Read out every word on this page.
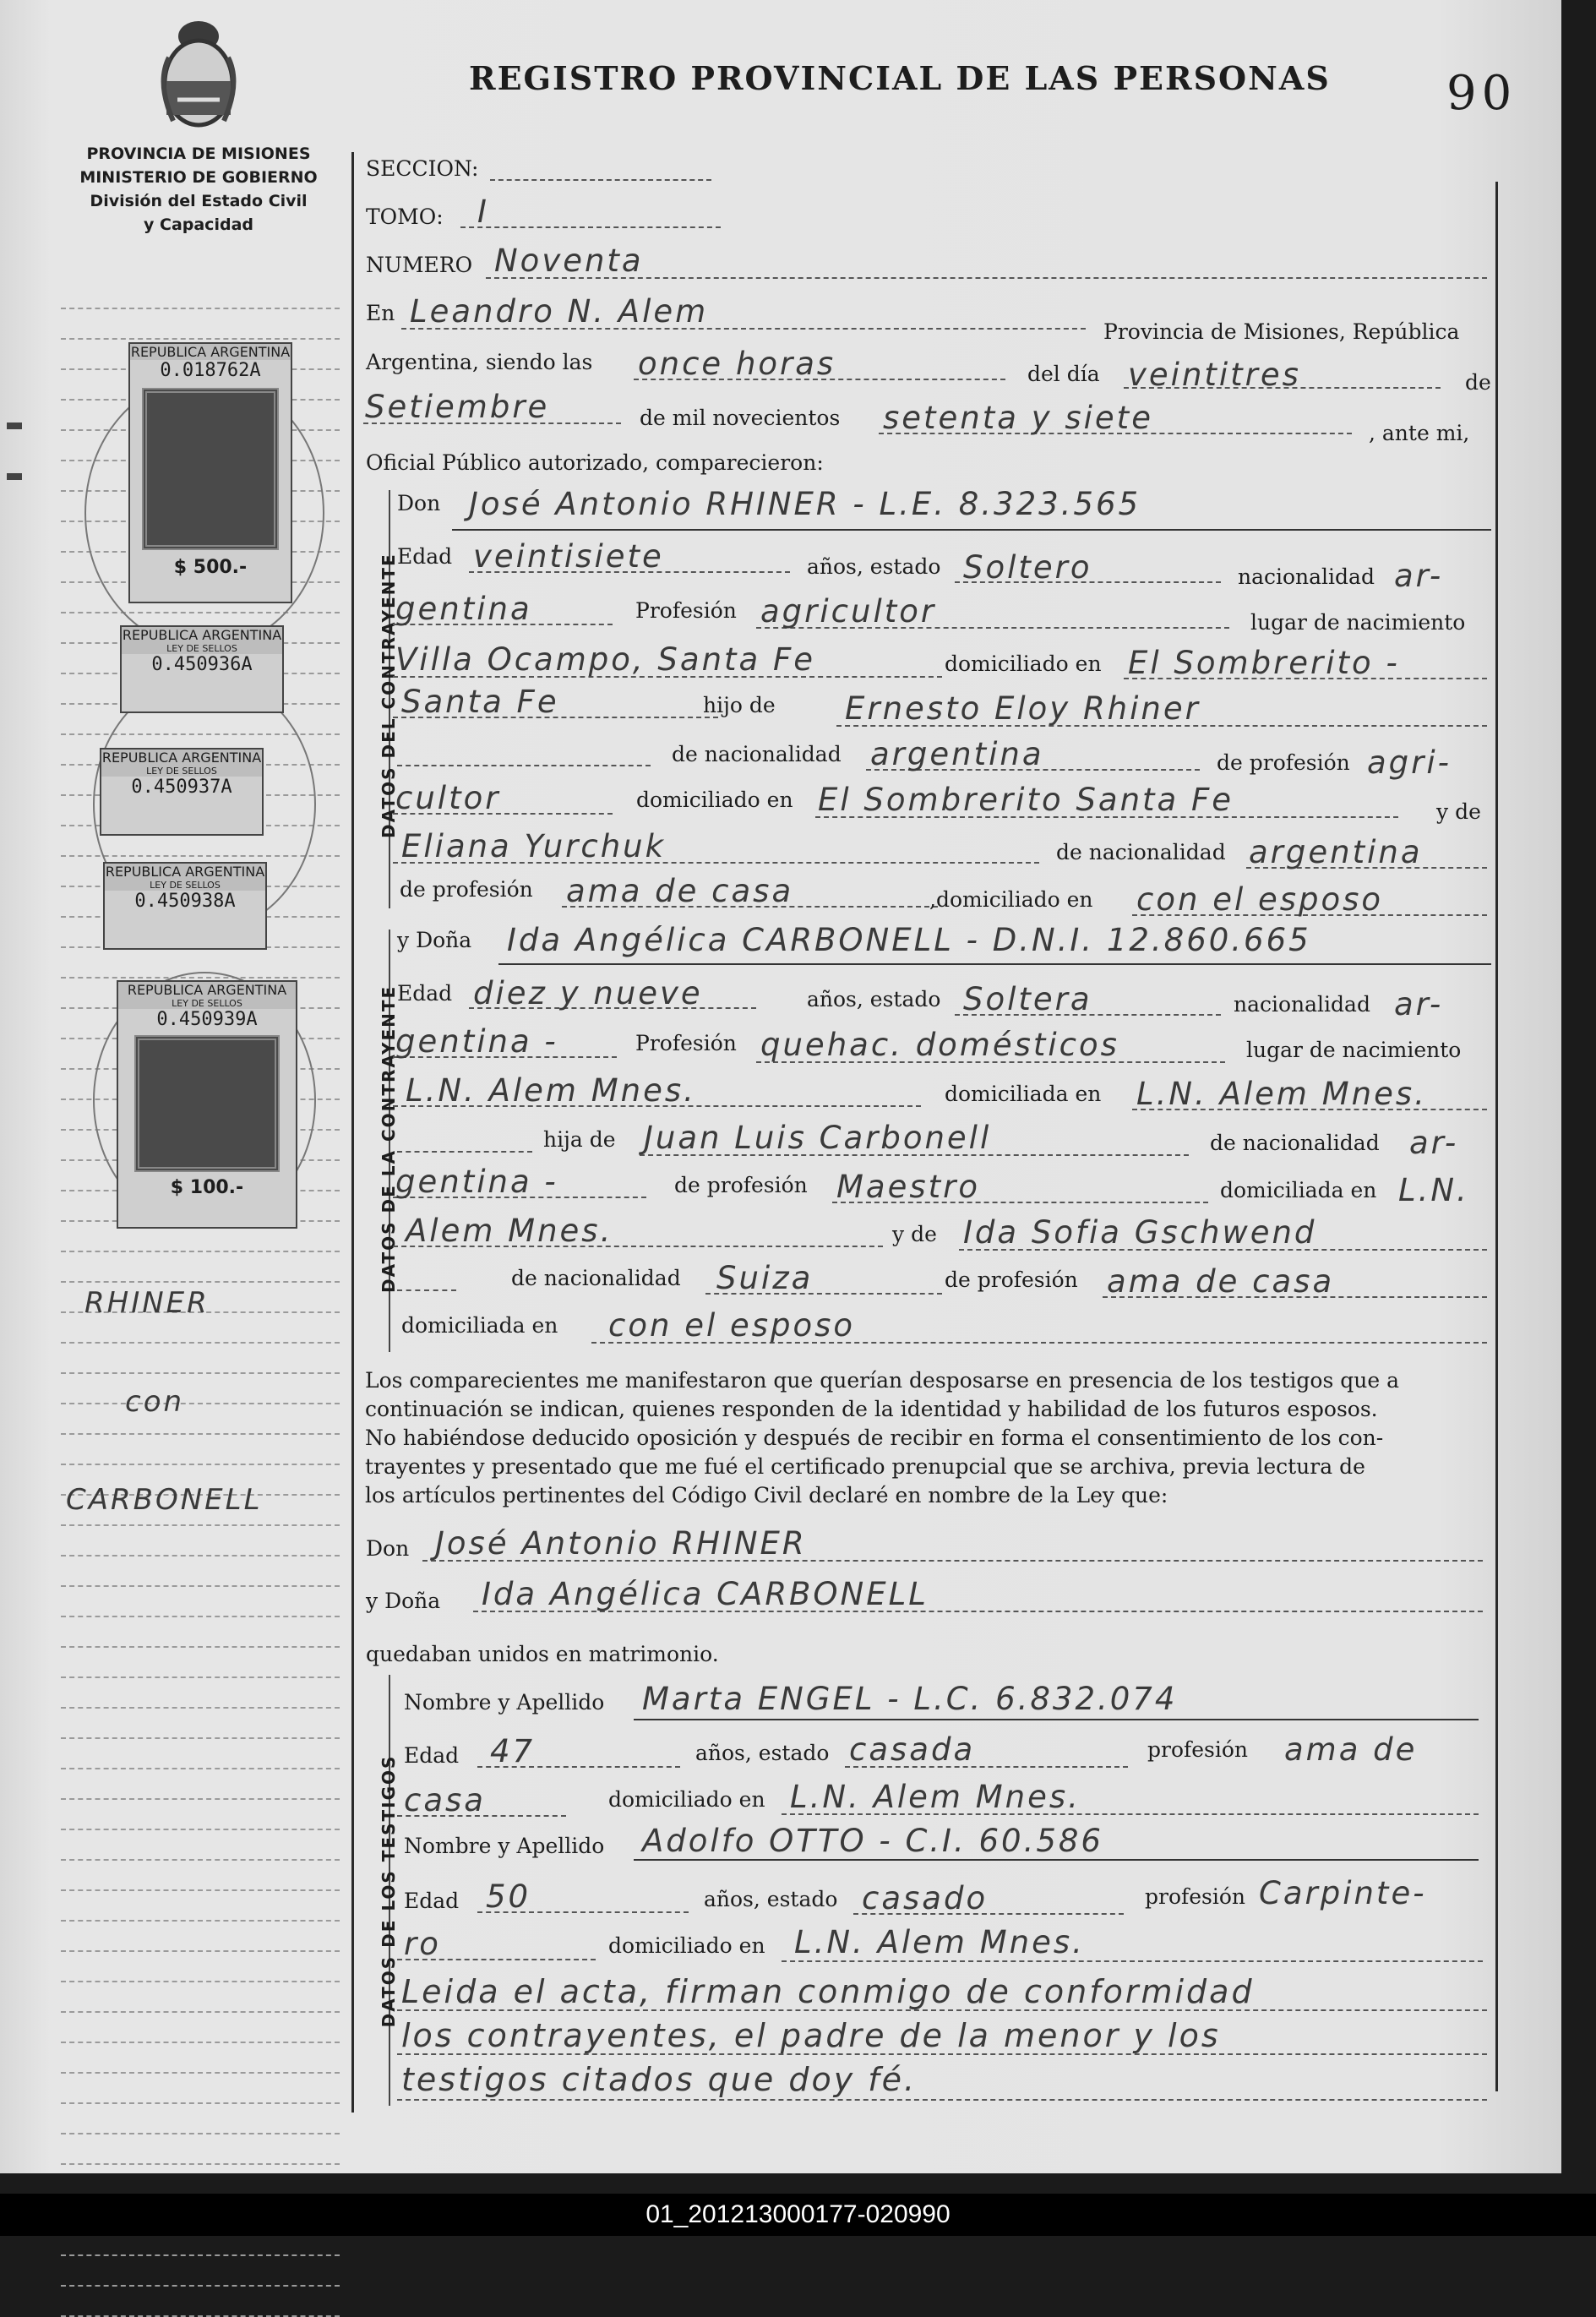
PROVINCIA DE MISIONES
MINISTERIO DE GOBIERNO
División del Estado Civil
y Capacidad
REGISTRO PROVINCIAL DE LAS PERSONAS 90
REPUBLICA ARGENTINA
0.018762A
$ 500.-
REPUBLICA ARGENTINA
LEY DE SELLOS
0.450936A
REPUBLICA ARGENTINA
LEY DE SELLOS
0.450937A
REPUBLICA ARGENTINA
LEY DE SELLOS
0.450938A
REPUBLICA ARGENTINA
LEY DE SELLOS
0.450939A
$ 100.-
RHINER
con
CARBONELL
SECCION:
TOMO: I
NUMERO Noventa
En Leandro N. Alem
Provincia de Misiones, República
Argentina, siendo las once horas	del día veintitres	de
Setiembre	de mil novecientos setenta y siete	, ante mi,
Oficial Público autorizado, comparecieron:
DATOS DEL CONTRAYENTE
Don José Antonio RHINER - L.E. 8.323.565
Edad veintisiete	años, estado Soltero	nacionalidad ar-
gentina	Profesión agricultor	lugar de nacimiento
Villa Ocampo, Santa Fe	domiciliado en El Sombrerito -
Santa Fe	hijo de Ernesto Eloy Rhiner
de nacionalidad argentina	de profesión agri-
cultor	domiciliado en El Sombrerito Santa Fe	y de
Eliana Yurchuk	de nacionalidad argentina
de profesión ama de casa	,domiciliado en con el esposo
DATOS DE LA CONTRAYENTE
y Doña Ida Angélica CARBONELL - D.N.I. 12.860.665
Edad diez y nueve	años, estado Soltera	nacionalidad ar-
gentina -	Profesión quehac. domésticos	lugar de nacimiento
L.N. Alem Mnes.	domiciliada en L.N. Alem Mnes.
hija de Juan Luis Carbonell	de nacionalidad ar-
gentina -	de profesión Maestro	domiciliada en L.N.
Alem Mnes.	y de Ida Sofia Gschwend
de nacionalidad Suiza	de profesión ama de casa
domiciliada en con el esposo
Los comparecientes me manifestaron que querían desposarse en presencia de los testigos que a
continuación se indican, quienes responden de la identidad y habilidad de los futuros esposos.
No habiéndose deducido oposición y después de recibir en forma el consentimiento de los con-
trayentes y presentado que me fué el certificado prenupcial que se archiva, previa lectura de
los artículos pertinentes del Código Civil declaré en nombre de la Ley que:
Don José Antonio RHINER
y Doña Ida Angélica CARBONELL
quedaban unidos en matrimonio.
DATOS DE LOS TESTIGOS
Nombre y Apellido Marta ENGEL - L.C. 6.832.074
Edad 47	años, estado casada	profesión ama de
casa	domiciliado en L.N. Alem Mnes.
Nombre y Apellido Adolfo OTTO - C.I. 60.586
Edad 50	años, estado casado	profesión Carpinte-
ro	domiciliado en L.N. Alem Mnes.
Leida el acta, firman conmigo de conformidad
los contrayentes, el padre de la menor y los
testigos citados que doy fé.
01_201213000177-020990
